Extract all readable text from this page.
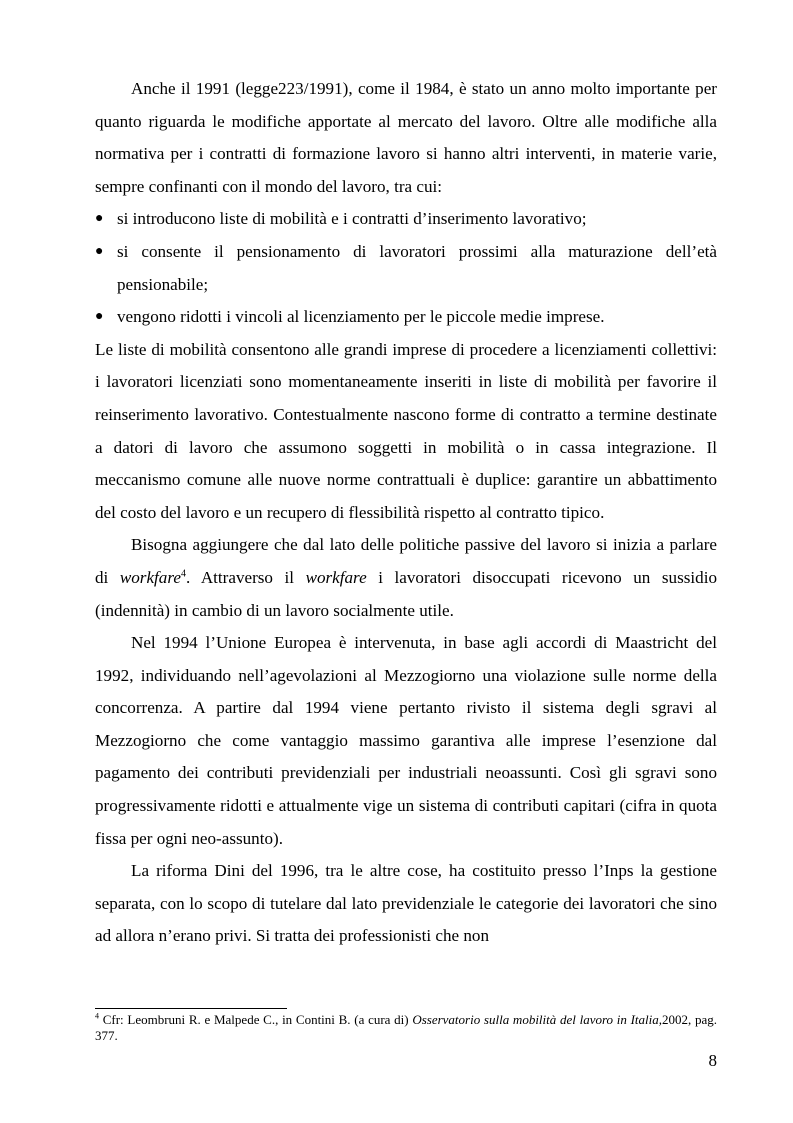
Anche il 1991 (legge223/1991), come il 1984, è stato un anno molto importante per quanto riguarda le modifiche apportate al mercato del lavoro. Oltre alle modifiche alla normativa per i contratti di formazione lavoro si hanno altri interventi, in materie varie, sempre confinanti con il mondo del lavoro, tra cui:

● si introducono liste di mobilità e i contratti d’inserimento lavorativo;
● si consente il pensionamento di lavoratori prossimi alla maturazione dell’età pensionabile;
● vengono ridotti i vincoli al licenziamento per le piccole medie imprese.

Le liste di mobilità consentono alle grandi imprese di procedere a licenziamenti collettivi: i lavoratori licenziati sono momentaneamente inseriti in liste di mobilità per favorire il reinserimento lavorativo. Contestualmente nascono forme di contratto a termine destinate a datori di lavoro che assumono soggetti in mobilità o in cassa integrazione. Il meccanismo comune alle nuove norme contrattuali è duplice: garantire un abbattimento del costo del lavoro e un recupero di flessibilità rispetto al contratto tipico.

Bisogna aggiungere che dal lato delle politiche passive del lavoro si inizia a parlare di workfare$^4$. Attraverso il workfare i lavoratori disoccupati ricevono un sussidio (indennità) in cambio di un lavoro socialmente utile.

Nel 1994 l’Unione Europea è intervenuta, in base agli accordi di Maastricht del 1992, individuando nell’agevolazioni al Mezzogiorno una violazione sulle norme della concorrenza. A partire dal 1994 viene pertanto rivisto il sistema degli sgravi al Mezzogiorno che come vantaggio massimo garantiva alle imprese l’esenzione dal pagamento dei contributi previdenziali per industriali neoassunti. Così gli sgravi sono progressivamente ridotti e attualmente vige un sistema di contributi capitari (cifra in quota fissa per ogni neo-assunto).

La riforma Dini del 1996, tra le altre cose, ha costituito presso l’Inps la gestione separata, con lo scopo di tutelare dal lato previdenziale le categorie dei lavoratori che sino ad allora n’erano privi. Si tratta dei professionisti che non

$^4$ Cfr: Leombruni R. e Malpede C., in Contini B. (a cura di) Osservatorio sulla mobilità del lavoro in Italia,2002, pag. 377.

8
